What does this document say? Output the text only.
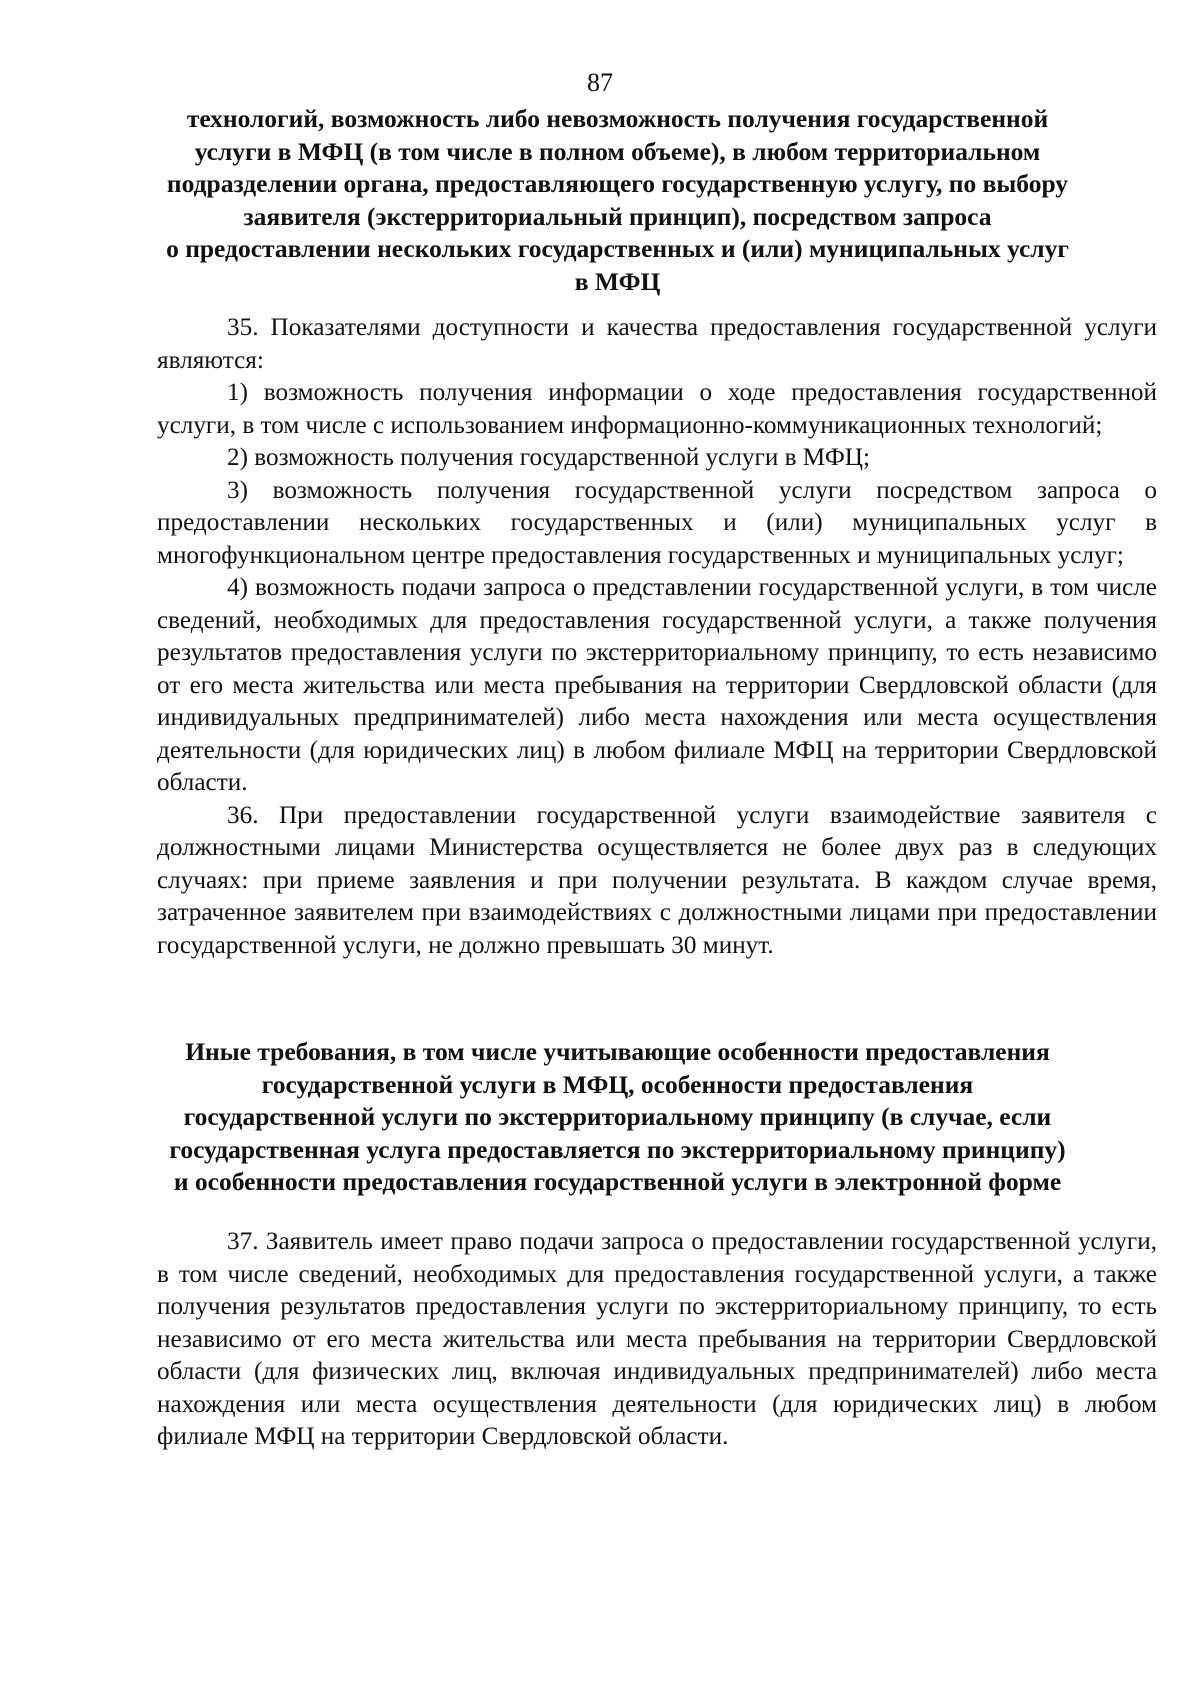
87
технологий, возможность либо невозможность получения государственной
услуги в МФЦ (в том числе в полном объеме), в любом территориальном
подразделении органа, предоставляющего государственную услугу, по выбору
заявителя (экстерриториальный принцип), посредством запроса
о предоставлении нескольких государственных и (или) муниципальных услуг
в МФЦ

35. Показателями доступности и качества предоставления государственной услуги являются:

1) возможность получения информации о ходе предоставления государственной услуги, в том числе с использованием информационно-коммуникационных технологий;

2) возможность получения государственной услуги в МФЦ;

3) возможность получения государственной услуги посредством запроса о предоставлении нескольких государственных и (или) муниципальных услуг в многофункциональном центре предоставления государственных и муниципальных услуг;

4) возможность подачи запроса о представлении государственной услуги, в том числе сведений, необходимых для предоставления государственной услуги, а также получения результатов предоставления услуги по экстерриториальному принципу, то есть независимо от его места жительства или места пребывания на территории Свердловской области (для индивидуальных предпринимателей) либо места нахождения или места осуществления деятельности (для юридических лиц) в любом филиале МФЦ на территории Свердловской области.

36. При предоставлении государственной услуги взаимодействие заявителя с должностными лицами Министерства осуществляется не более двух раз в следующих случаях: при приеме заявления и при получении результата. В каждом случае время, затраченное заявителем при взаимодействиях с должностными лицами при предоставлении государственной услуги, не должно превышать 30 минут.

Иные требования, в том числе учитывающие особенности предоставления
государственной услуги в МФЦ, особенности предоставления
государственной услуги по экстерриториальному принципу (в случае, если
государственная услуга предоставляется по экстерриториальному принципу)
и особенности предоставления государственной услуги в электронной форме

37. Заявитель имеет право подачи запроса о предоставлении государственной услуги, в том числе сведений, необходимых для предоставления государственной услуги, а также получения результатов предоставления услуги по экстерриториальному принципу, то есть независимо от его места жительства или места пребывания на территории Свердловской области (для физических лиц, включая индивидуальных предпринимателей) либо места нахождения или места осуществления деятельности (для юридических лиц) в любом филиале МФЦ на территории Свердловской области.
